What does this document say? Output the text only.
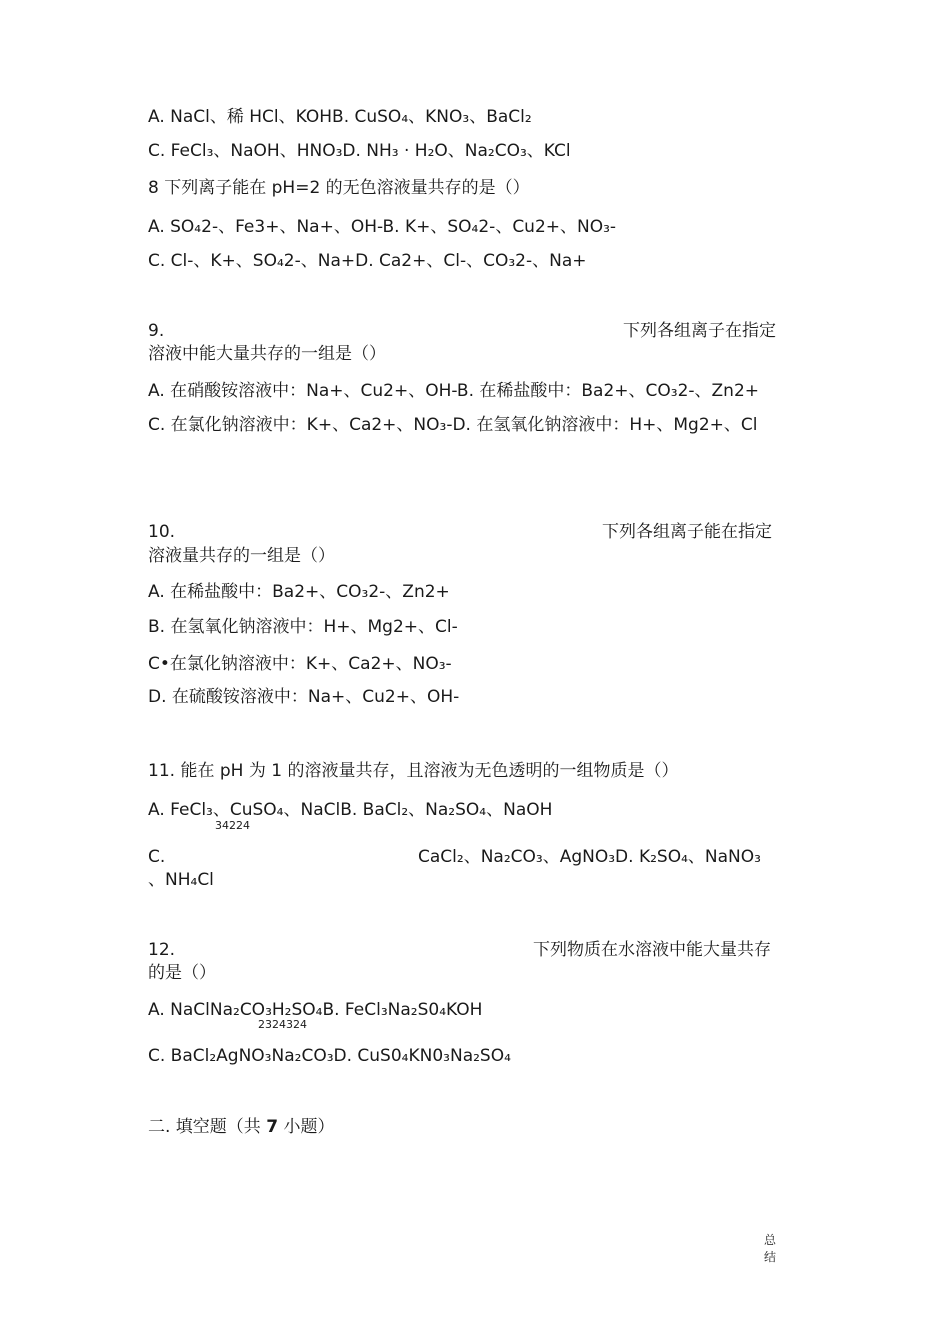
A. NaCl、稀 HCl、KOHB. CuSO₄、KNO₃、BaCl₂
C. FeCl₃、NaOH、HNO₃D. NH₃ · H₂O、Na₂CO₃、KCl
8 下列离子能在 pH=2 的无色溶液量共存的是（）
A. SO₄2-、Fe3+、Na+、OH-B. K+、SO₄2-、Cu2+、NO₃-
C. Cl-、K+、SO₄2-、Na+D. Ca2+、Cl-、CO₃2-、Na+
9.	下列各组离子在指定
溶液中能大量共存的一组是（）
A. 在硝酸铵溶液中：Na+、Cu2+、OH-B. 在稀盐酸中：Ba2+、CO₃2-、Zn2+
C. 在氯化钠溶液中：K+、Ca2+、NO₃-D. 在氢氧化钠溶液中：H+、Mg2+、Cl
10.	下列各组离子能在指定
溶液量共存的一组是（）
A. 在稀盐酸中：Ba2+、CO₃2-、Zn2+
B. 在氢氧化钠溶液中：H+、Mg2+、Cl-
C•在氯化钠溶液中：K+、Ca2+、NO₃-
D. 在硫酸铵溶液中：Na+、Cu2+、OH-
11. 能在 pH 为 1 的溶液量共存，且溶液为无色透明的一组物质是（）
A. FeCl₃、CuSO₄、NaClB. BaCl₂、Na₂SO₄、NaOH
34224
C.	CaCl₂、Na₂CO₃、AgNO₃D. K₂SO₄、NaNO₃
、NH₄Cl
12.	下列物质在水溶液中能大量共存
的是（）
A. NaClNa₂CO₃H₂SO₄B. FeCl₃Na₂S0₄KOH
2324324
C. BaCl₂AgNO₃Na₂CO₃D. CuS0₄KN0₃Na₂SO₄
二. 填空题（共 7 小题）
总
结
